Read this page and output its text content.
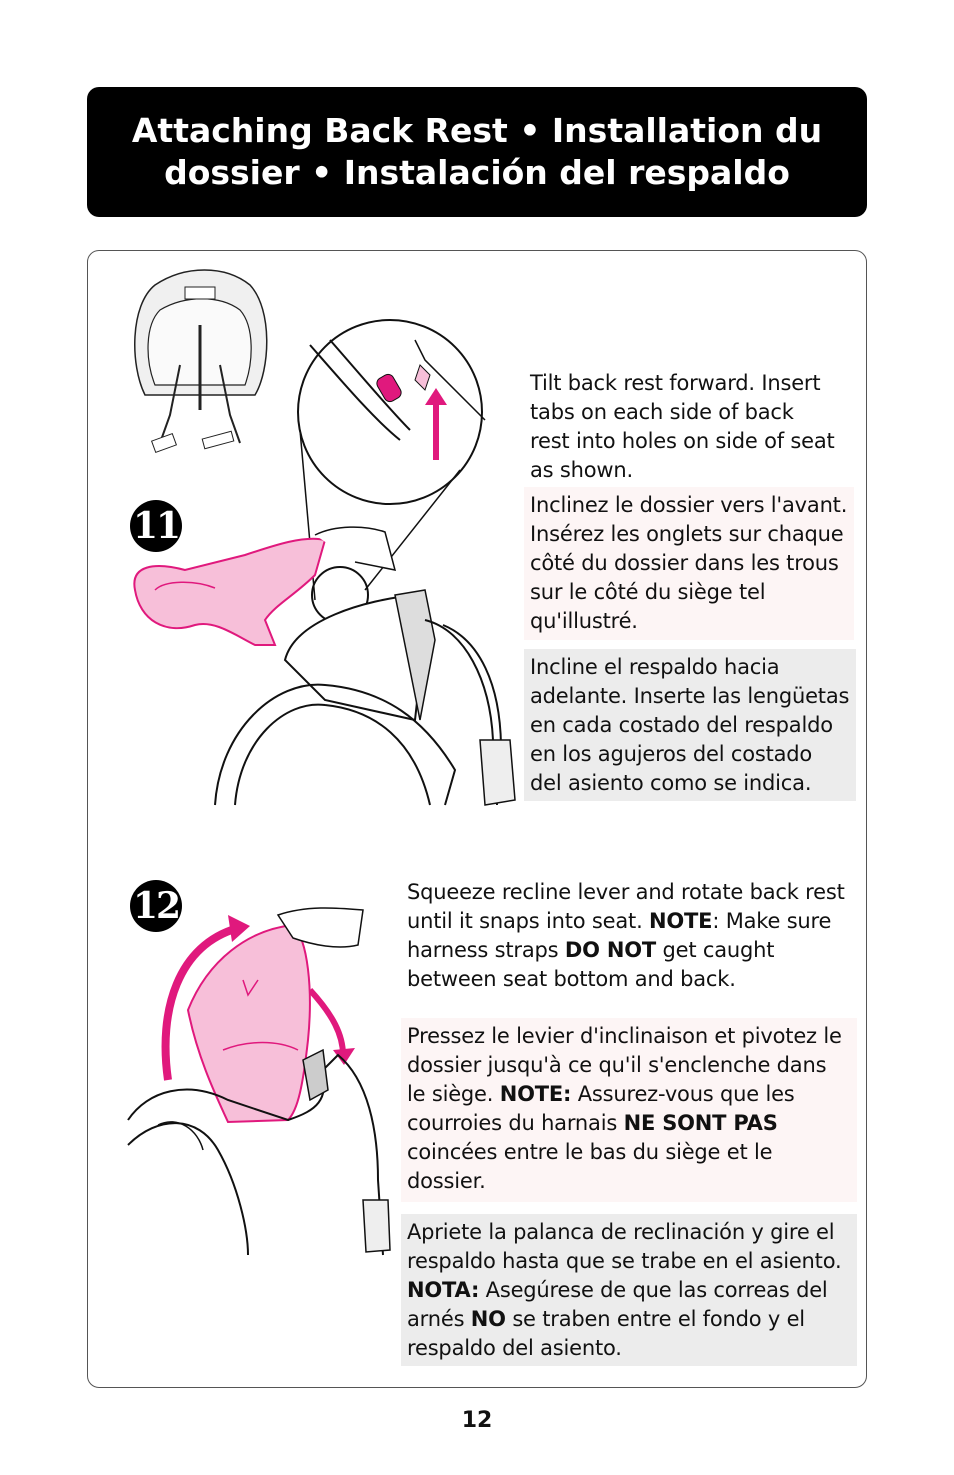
Attaching Back Rest • Installation du dossier • Instalación del respaldo
11
Tilt back rest forward. Insert tabs on each side of back rest into holes on side of seat as shown.
Inclinez le dossier vers l'avant. Insérez les onglets sur chaque côté du dossier dans les trous sur le côté du siège tel qu'illustré.
Incline el respaldo hacia adelante. Inserte las lengüetas en cada costado del respaldo en los agujeros del costado del asiento como se indica.
12	Squeeze recline lever and rotate back rest until it snaps into seat. NOTE: Make sure harness straps DO NOT get caught between seat bottom and back.
Pressez le levier d'inclinaison et pivotez le dossier jusqu'à ce qu'il s'enclenche dans le siège. NOTE: Assurez-vous que les courroies du harnais NE SONT PAS coincées entre le bas du siège et le dossier.
Apriete la palanca de reclinación y gire el respaldo hasta que se trabe en el asiento. NOTA: Asegúrese de que las correas del arnés NO se traben entre el fondo y el respaldo del asiento.
12
